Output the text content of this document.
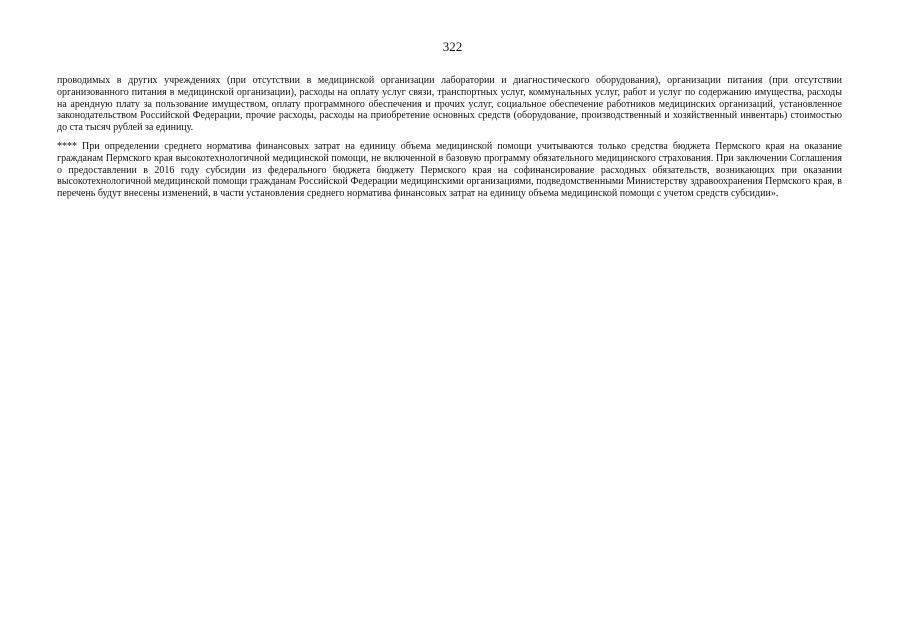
322

проводимых в других учреждениях (при отсутствии в медицинской организации лаборатории и диагностического оборудования), организации питания (при отсутствии организованного питания в медицинской организации), расходы на оплату услуг связи, транспортных услуг, коммунальных услуг, работ и услуг по содержанию имущества, расходы на арендную плату за пользование имуществом, оплату программного обеспечения и прочих услуг, социальное обеспечение работников медицинских организаций, установленное законодательством Российской Федерации, прочие расходы, расходы на приобретение основных средств (оборудование, производственный и хозяйственный инвентарь) стоимостью до ста тысяч рублей за единицу.

**** При определении среднего норматива финансовых затрат на единицу объема медицинской помощи учитываются только средства бюджета Пермского края на оказание гражданам Пермского края высокотехнологичной медицинской помощи, не включенной в базовую программу обязательного медицинского страхования. При заключении Соглашения о предоставлении в 2016 году субсидии из федерального бюджета бюджету Пермского края на софинансирование расходных обязательств, возникающих при оказании высокотехнологичной медицинской помощи гражданам Российской Федерации медицинскими организациями, подведомственными Министерству здравоохранения Пермского края, в перечень будут внесены изменений, в части установления среднего норматива финансовых затрат на единицу объема медицинской помощи с учетом средств субсидии».
